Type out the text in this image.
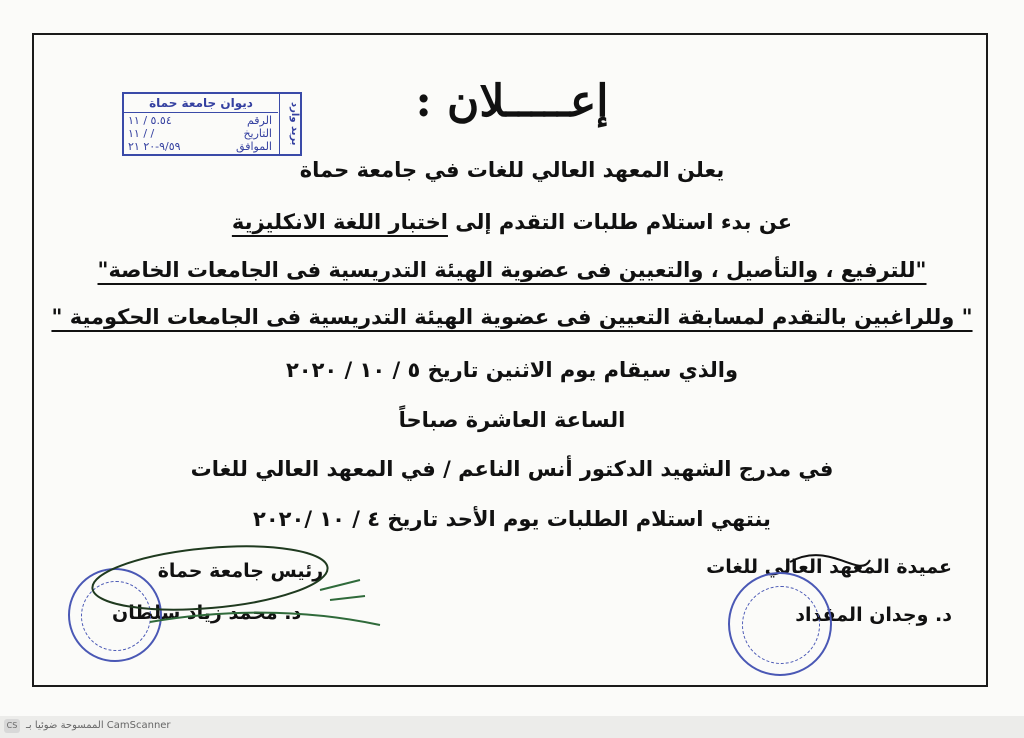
إعـــــلان :
بريد وارد
ديوان جامعة حماة
الرقم
٥.٥٤ / ١١
التاريخ
/ / ١١
الموافق
٩/٥٩-٢٠ ٢١
يعلن المعهد العالي للغات في جامعة حماة
عن بدء استلام طلبات التقدم إلى اختبار اللغة الانكليزية
"للترفيع ، والتأصيل ، والتعيين فى عضوية الهيئة التدريسية فى الجامعات الخاصة"
" وللراغبين بالتقدم لمسابقة التعيين فى عضوية الهيئة التدريسية فى الجامعات الحكومية "
والذي سيقام يوم الاثنين تاريخ ٥ / ١٠ / ٢٠٢٠
الساعة العاشرة صباحاً
في مدرج الشهيد الدكتور أنس الناعم / في المعهد العالي للغات
ينتهي استلام الطلبات يوم الأحد تاريخ ٤ / ١٠ /٢٠٢٠
عميدة المعهد العالي للغات
د. وجدان المقداد
رئيس جامعة حماة
د. محمد زياد سلطان
CS CamScanner الممسوحة ضوئيا بـ
